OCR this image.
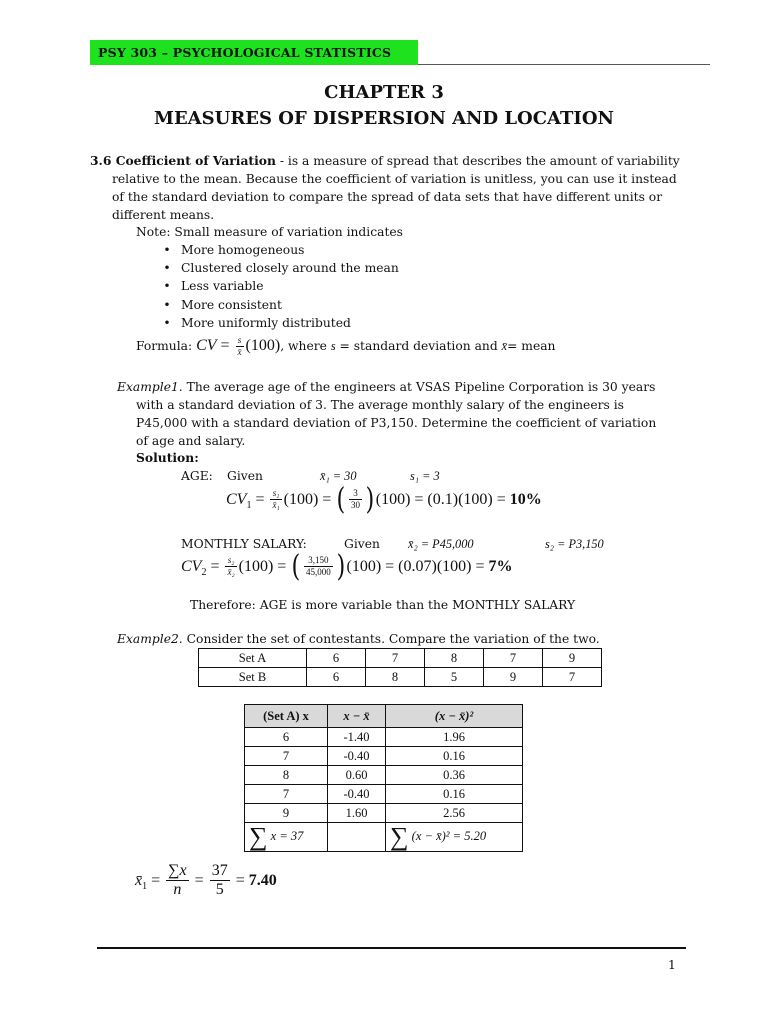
PSY 303 – PSYCHOLOGICAL STATISTICS
CHAPTER 3
MEASURES OF DISPERSION AND LOCATION
3.6 Coefficient of Variation - is a measure of spread that describes the amount of variability
relative to the mean. Because the coefficient of variation is unitless, you can use it instead
of the standard deviation to compare the spread of data sets that have different units or
different means.
Note: Small measure of variation indicates
• More homogeneous
• Clustered closely around the mean
• Less variable
• More consistent
• More uniformly distributed
Formula: CV = $\frac{s}{x̄} (100)$, where s = standard deviation and x̄= mean
Example1. The average age of the engineers at VSAS Pipeline Corporation is 30 years
with a standard deviation of 3. The average monthly salary of the engineers is
P45,000 with a standard deviation of P3,150. Determine the coefficient of variation
of age and salary.
Solution:
AGE: Given	x̄₁ = 30	s₁ = 3
$CV_1 = \frac{\text{s₁}}{\text{x̄₁}} (100)$ = ( $\frac{3}{30} )(100) = (0.1)(100) = 10\%$
MONTHLY SALARY:	Given x̄₂ = P45,000	s₂ = P3,150
$CV_2 = \frac{\text{s₂}}{\text{x̄₂}} (100)$ = ( $\frac{3,150}{45,000} )(100) = (0.07)(100) = 7\%$
Therefore: AGE is more variable than the MONTHLY SALARY
Example2. Consider the set of contestants. Compare the variation of the two.
Set A	6	7	8	7	9
Set B	6	8	5	9	7
(Set A) x	x − x̄	(x − x̄)²
6	-1.40	1.96
7	-0.40	0.16
8	0.60	0.36
7	-0.40	0.16
9	1.60	2.56
∑ x = 37		∑ (x − x̄)² = 5.20
$x̄_1 = \frac{\sum x}{n} = \frac{37}{5} = 7.40$
1
